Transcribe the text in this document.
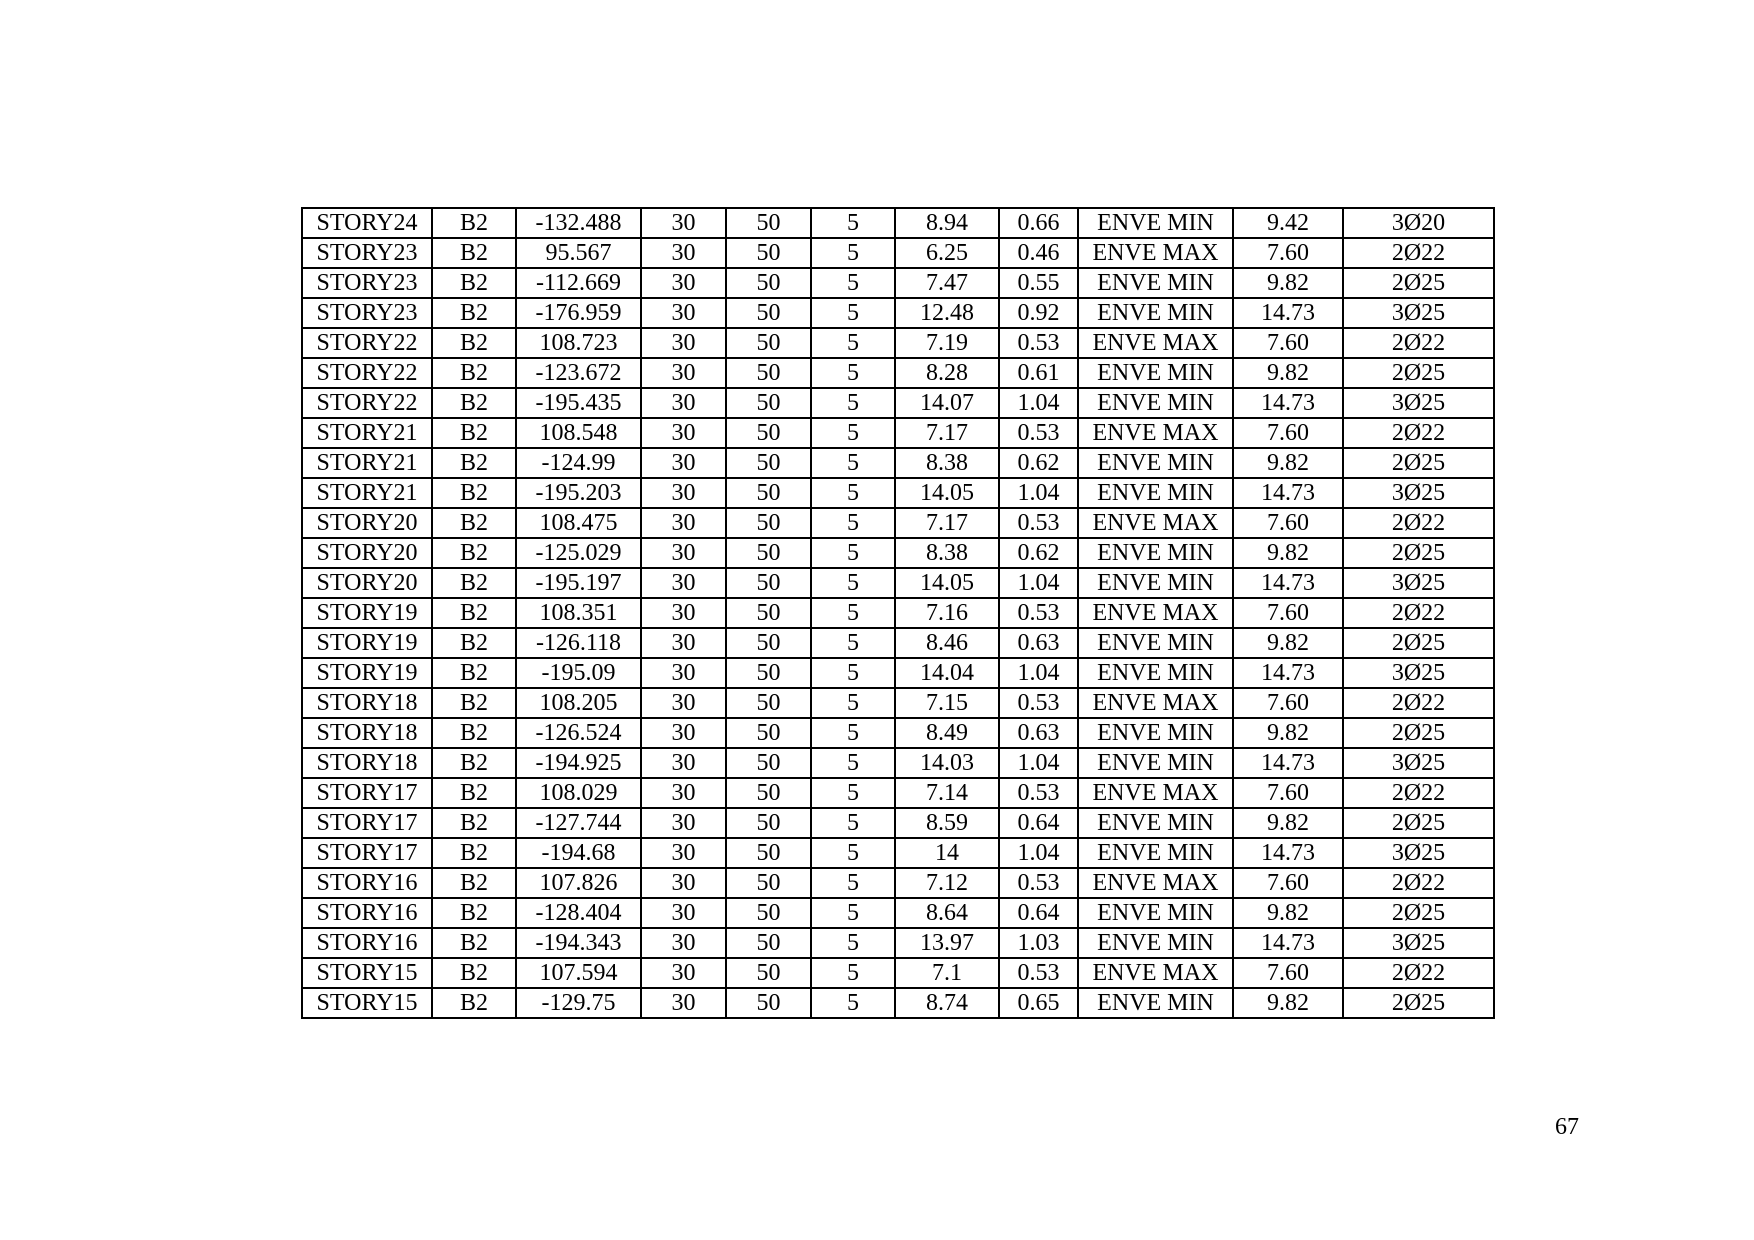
STORY24	B2	-132.488	30	50	5	8.94	0.66	ENVE MIN	9.42	3Ø20
STORY23	B2	95.567	30	50	5	6.25	0.46	ENVE MAX	7.60	2Ø22
STORY23	B2	-112.669	30	50	5	7.47	0.55	ENVE MIN	9.82	2Ø25
STORY23	B2	-176.959	30	50	5	12.48	0.92	ENVE MIN	14.73	3Ø25
STORY22	B2	108.723	30	50	5	7.19	0.53	ENVE MAX	7.60	2Ø22
STORY22	B2	-123.672	30	50	5	8.28	0.61	ENVE MIN	9.82	2Ø25
STORY22	B2	-195.435	30	50	5	14.07	1.04	ENVE MIN	14.73	3Ø25
STORY21	B2	108.548	30	50	5	7.17	0.53	ENVE MAX	7.60	2Ø22
STORY21	B2	-124.99	30	50	5	8.38	0.62	ENVE MIN	9.82	2Ø25
STORY21	B2	-195.203	30	50	5	14.05	1.04	ENVE MIN	14.73	3Ø25
STORY20	B2	108.475	30	50	5	7.17	0.53	ENVE MAX	7.60	2Ø22
STORY20	B2	-125.029	30	50	5	8.38	0.62	ENVE MIN	9.82	2Ø25
STORY20	B2	-195.197	30	50	5	14.05	1.04	ENVE MIN	14.73	3Ø25
STORY19	B2	108.351	30	50	5	7.16	0.53	ENVE MAX	7.60	2Ø22
STORY19	B2	-126.118	30	50	5	8.46	0.63	ENVE MIN	9.82	2Ø25
STORY19	B2	-195.09	30	50	5	14.04	1.04	ENVE MIN	14.73	3Ø25
STORY18	B2	108.205	30	50	5	7.15	0.53	ENVE MAX	7.60	2Ø22
STORY18	B2	-126.524	30	50	5	8.49	0.63	ENVE MIN	9.82	2Ø25
STORY18	B2	-194.925	30	50	5	14.03	1.04	ENVE MIN	14.73	3Ø25
STORY17	B2	108.029	30	50	5	7.14	0.53	ENVE MAX	7.60	2Ø22
STORY17	B2	-127.744	30	50	5	8.59	0.64	ENVE MIN	9.82	2Ø25
STORY17	B2	-194.68	30	50	5	14	1.04	ENVE MIN	14.73	3Ø25
STORY16	B2	107.826	30	50	5	7.12	0.53	ENVE MAX	7.60	2Ø22
STORY16	B2	-128.404	30	50	5	8.64	0.64	ENVE MIN	9.82	2Ø25
STORY16	B2	-194.343	30	50	5	13.97	1.03	ENVE MIN	14.73	3Ø25
STORY15	B2	107.594	30	50	5	7.1	0.53	ENVE MAX	7.60	2Ø22
STORY15	B2	-129.75	30	50	5	8.74	0.65	ENVE MIN	9.82	2Ø25
67
